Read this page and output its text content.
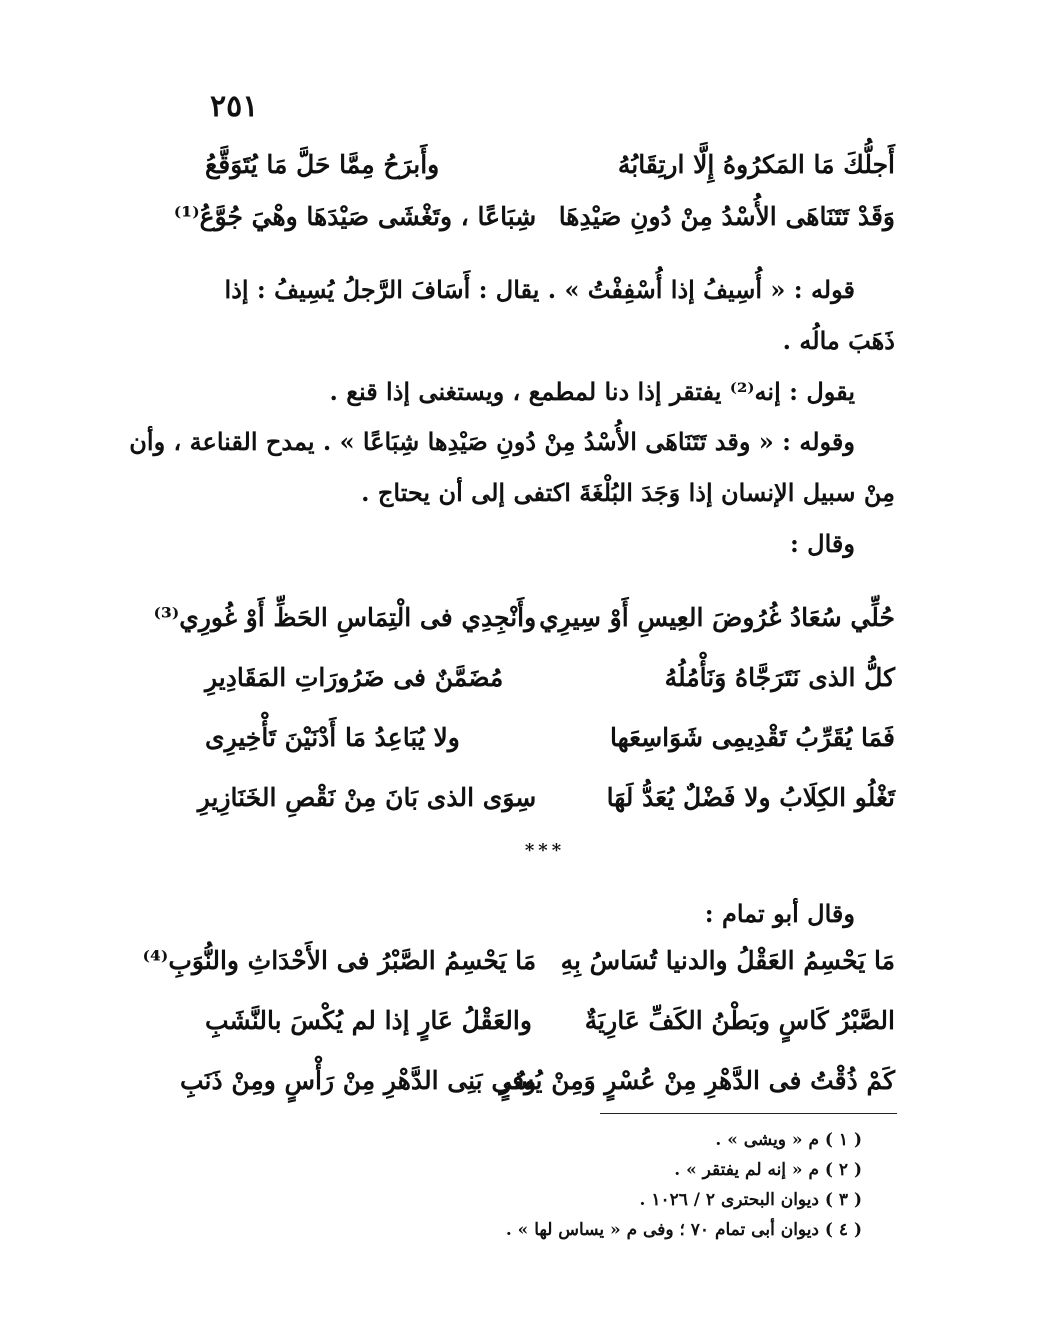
٢٥١
أَجلُّكَ مَا المَكرُوهُ إِلَّا ارتِقَابُهُ
وأَبرَحُ مِمَّا حَلَّ مَا يُتَوَقَّعُ
وَقَدْ تَتَنَاهَى الأُسْدُ مِنْ دُونِ صَيْدِهَا
شِبَاعًا ، وتَغْشَى صَيْدَهَا وهْيَ جُوَّعُ⁽¹⁾
قوله : « أُسِيفُ إذا أُسْفِفْتُ » . يقال : أَسَافَ الرَّجلُ يُسِيفُ : إذا
ذَهَبَ مالُه .
يقول : إنه⁽²⁾ يفتقر إذا دنا لمطمع ، ويستغنى إذا قنع .
وقوله : « وقد تَتَنَاهَى الأُسْدُ مِنْ دُونِ صَيْدِها شِبَاعًا » . يمدح القناعة ، وأن
مِنْ سبيل الإنسان إذا وَجَدَ البُلْغَةَ اكتفى إلى أن يحتاج .
وقال :
حُلِّي سُعَادُ غُرُوضَ العِيسِ أَوْ سِيرِي
وأَنْجِدِي فى الْتِمَاسِ الحَظِّ أَوْ غُورِي⁽³⁾
كلُّ الذى نَتَرَجَّاهُ وَنَأْمُلُهُ
مُضَمَّنٌ فى ضَرُورَاتِ المَقَادِيرِ
فَمَا يُقَرِّبُ تَقْدِيمِى شَوَاسِعَها
ولا يُبَاعِدُ مَا أَدْنَيْنَ تَأْخِيرِى
تَغْلُو الكِلَابُ ولا فَضْلٌ يُعَدُّ لَهَا
سِوَى الذى بَانَ مِنْ نَقْصِ الخَنَازِيرِ
***
وقال أبو تمام :
مَا يَحْسِمُ العَقْلُ والدنيا تُسَاسُ بِهِ
مَا يَحْسِمُ الصَّبْرُ فى الأَحْدَاثِ والنُّوَبِ⁽⁴⁾
الصَّبْرُ كَاسٍ وبَطْنُ الكَفِّ عَارِيَةٌ
والعَقْلُ عَارٍ إذا لم يُكْسَ بالنَّشَبِ
كَمْ ذُقْتُ فى الدَّهْرِ مِنْ عُسْرٍ وَمِنْ يُسُرٍ
وفى بَنِى الدَّهْرِ مِنْ رَأْسٍ ومِنْ ذَنَبِ
( ١ ) م « ويشى » .
( ٢ ) م « إنه لم يفتقر » .
( ٣ ) ديوان البحترى ٢ / ١٠٢٦ .
( ٤ ) ديوان أبى تمام ٧٠ ؛ وفى م « يساس لها » .
